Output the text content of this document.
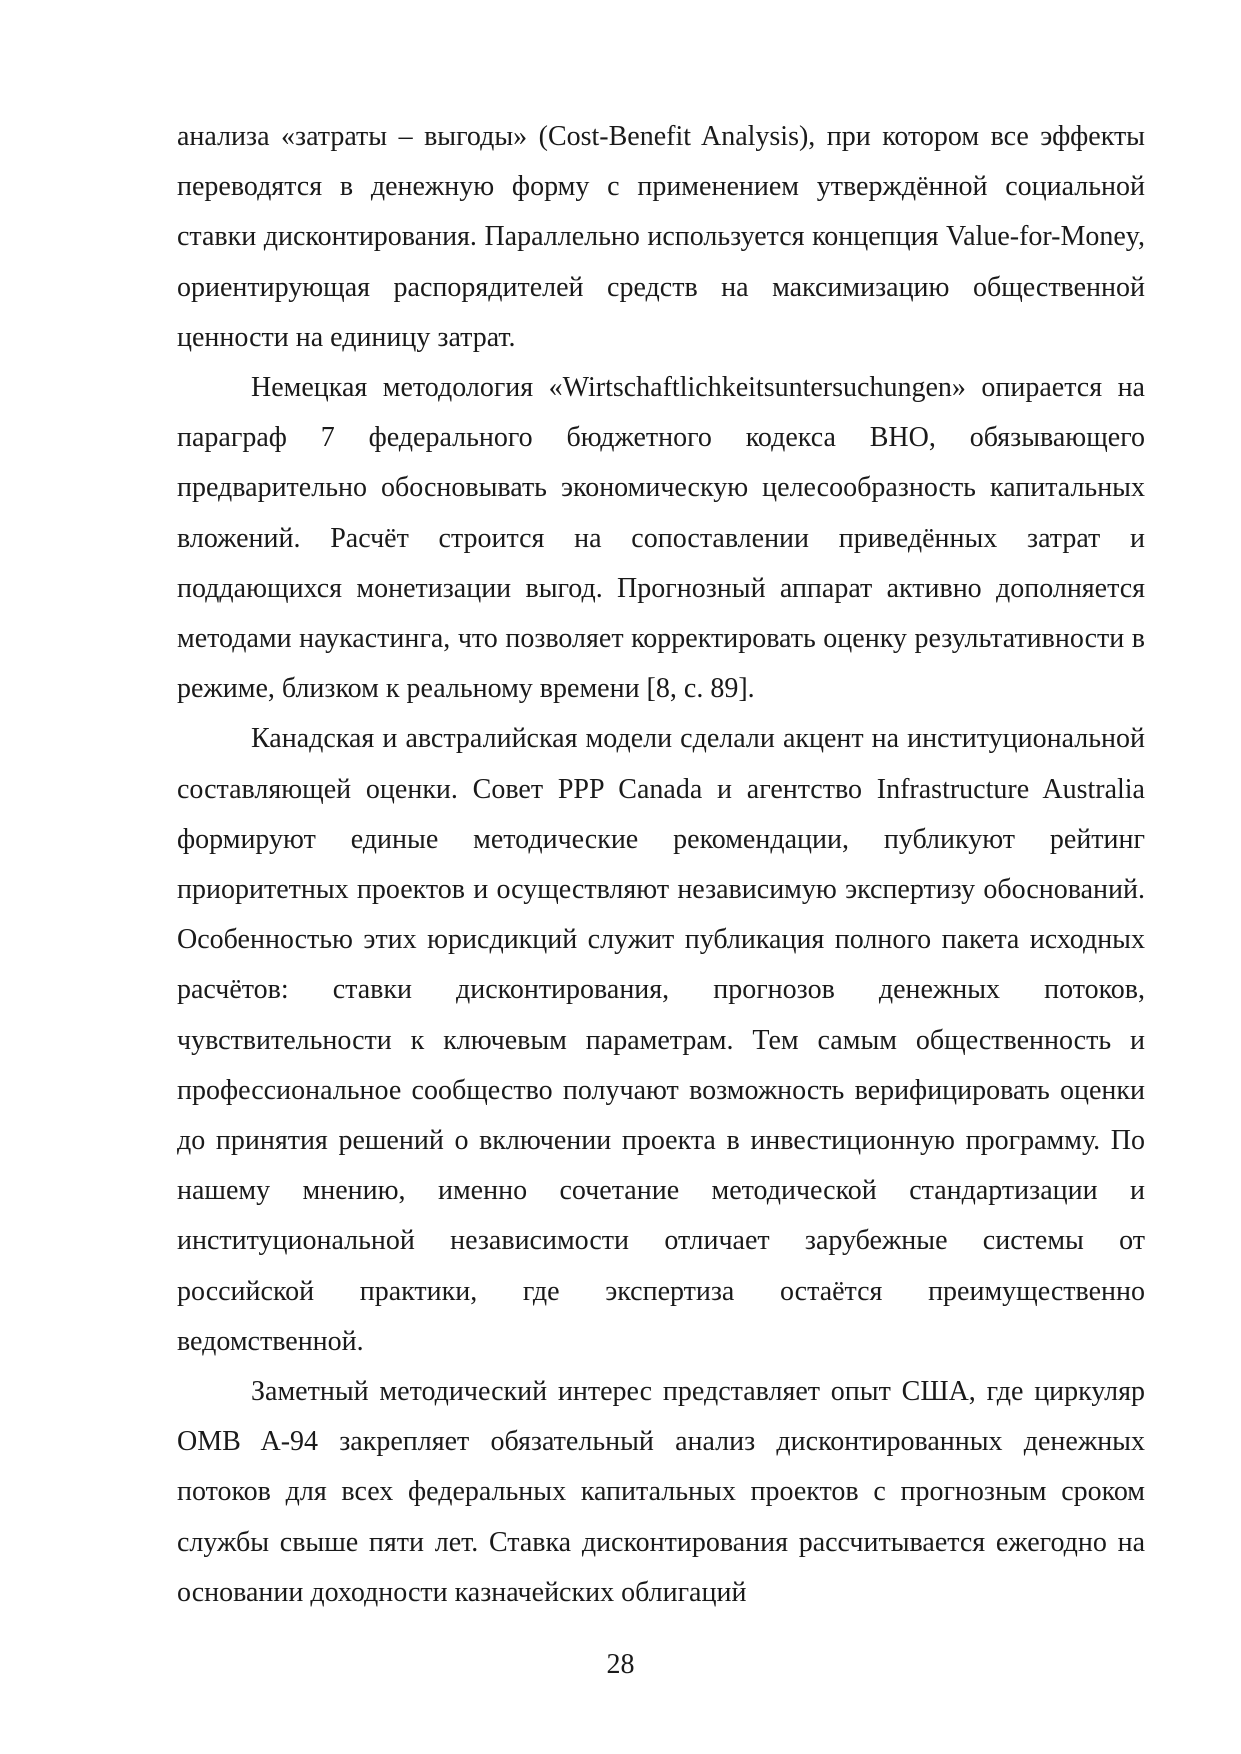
анализа «затраты – выгоды» (Cost-Benefit Analysis), при котором все эффекты переводятся в денежную форму с применением утверждённой социальной ставки дисконтирования. Параллельно используется концепция Value-for-Money, ориентирующая распорядителей средств на максимизацию общественной ценности на единицу затрат.

Немецкая методология «Wirtschaftlichkeitsuntersuchungen» опирается на параграф 7 федерального бюджетного кодекса BHO, обязывающего предварительно обосновывать экономическую целесообразность капитальных вложений. Расчёт строится на сопоставлении приведённых затрат и поддающихся монетизации выгод. Прогнозный аппарат активно дополняется методами наукастинга, что позволяет корректировать оценку результативности в режиме, близком к реальному времени [8, с. 89].

Канадская и австралийская модели сделали акцент на институциональной составляющей оценки. Совет PPP Canada и агентство Infrastructure Australia формируют единые методические рекомендации, публикуют рейтинг приоритетных проектов и осуществляют независимую экспертизу обоснований. Особенностью этих юрисдикций служит публикация полного пакета исходных расчётов: ставки дисконтирования, прогнозов денежных потоков, чувствительности к ключевым параметрам. Тем самым общественность и профессиональное сообщество получают возможность верифицировать оценки до принятия решений о включении проекта в инвестиционную программу. По нашему мнению, именно сочетание методической стандартизации и институциональной независимости отличает зарубежные системы от российской практики, где экспертиза остаётся преимущественно ведомственной.

Заметный методический интерес представляет опыт США, где циркуляр OMB A-94 закрепляет обязательный анализ дисконтированных денежных потоков для всех федеральных капитальных проектов с прогнозным сроком службы свыше пяти лет. Ставка дисконтирования рассчитывается ежегодно на основании доходности казначейских облигаций

28
